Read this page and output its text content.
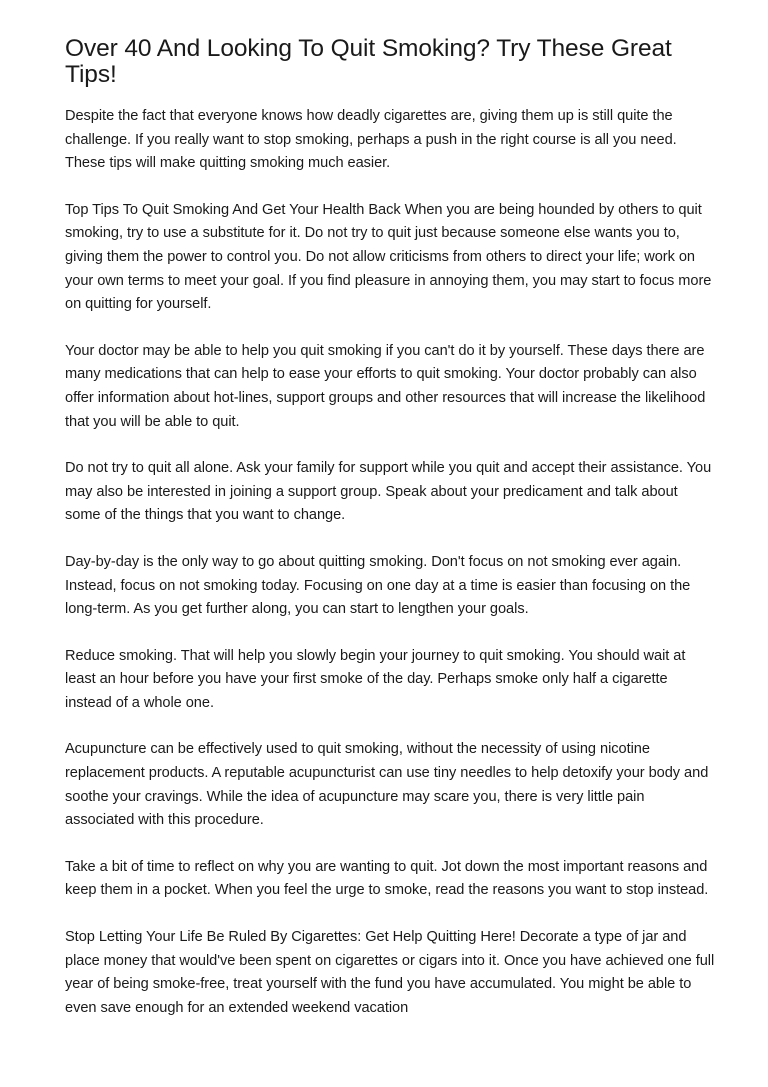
Over 40 And Looking To Quit Smoking? Try These Great Tips!

Despite the fact that everyone knows how deadly cigarettes are, giving them up is still quite the challenge. If you really want to stop smoking, perhaps a push in the right course is all you need. These tips will make quitting smoking much easier.

Top Tips To Quit Smoking And Get Your Health Back When you are being hounded by others to quit smoking, try to use a substitute for it. Do not try to quit just because someone else wants you to, giving them the power to control you. Do not allow criticisms from others to direct your life; work on your own terms to meet your goal. If you find pleasure in annoying them, you may start to focus more on quitting for yourself.

Your doctor may be able to help you quit smoking if you can't do it by yourself. These days there are many medications that can help to ease your efforts to quit smoking. Your doctor probably can also offer information about hot-lines, support groups and other resources that will increase the likelihood that you will be able to quit.

Do not try to quit all alone. Ask your family for support while you quit and accept their assistance. You may also be interested in joining a support group. Speak about your predicament and talk about some of the things that you want to change.

Day-by-day is the only way to go about quitting smoking. Don't focus on not smoking ever again. Instead, focus on not smoking today. Focusing on one day at a time is easier than focusing on the long-term. As you get further along, you can start to lengthen your goals.

Reduce smoking. That will help you slowly begin your journey to quit smoking. You should wait at least an hour before you have your first smoke of the day. Perhaps smoke only half a cigarette instead of a whole one.

Acupuncture can be effectively used to quit smoking, without the necessity of using nicotine replacement products. A reputable acupuncturist can use tiny needles to help detoxify your body and soothe your cravings. While the idea of acupuncture may scare you, there is very little pain associated with this procedure.

Take a bit of time to reflect on why you are wanting to quit. Jot down the most important reasons and keep them in a pocket. When you feel the urge to smoke, read the reasons you want to stop instead.

Stop Letting Your Life Be Ruled By Cigarettes: Get Help Quitting Here! Decorate a type of jar and place money that would've been spent on cigarettes or cigars into it. Once you have achieved one full year of being smoke-free, treat yourself with the fund you have accumulated. You might be able to even save enough for an extended weekend vacation
